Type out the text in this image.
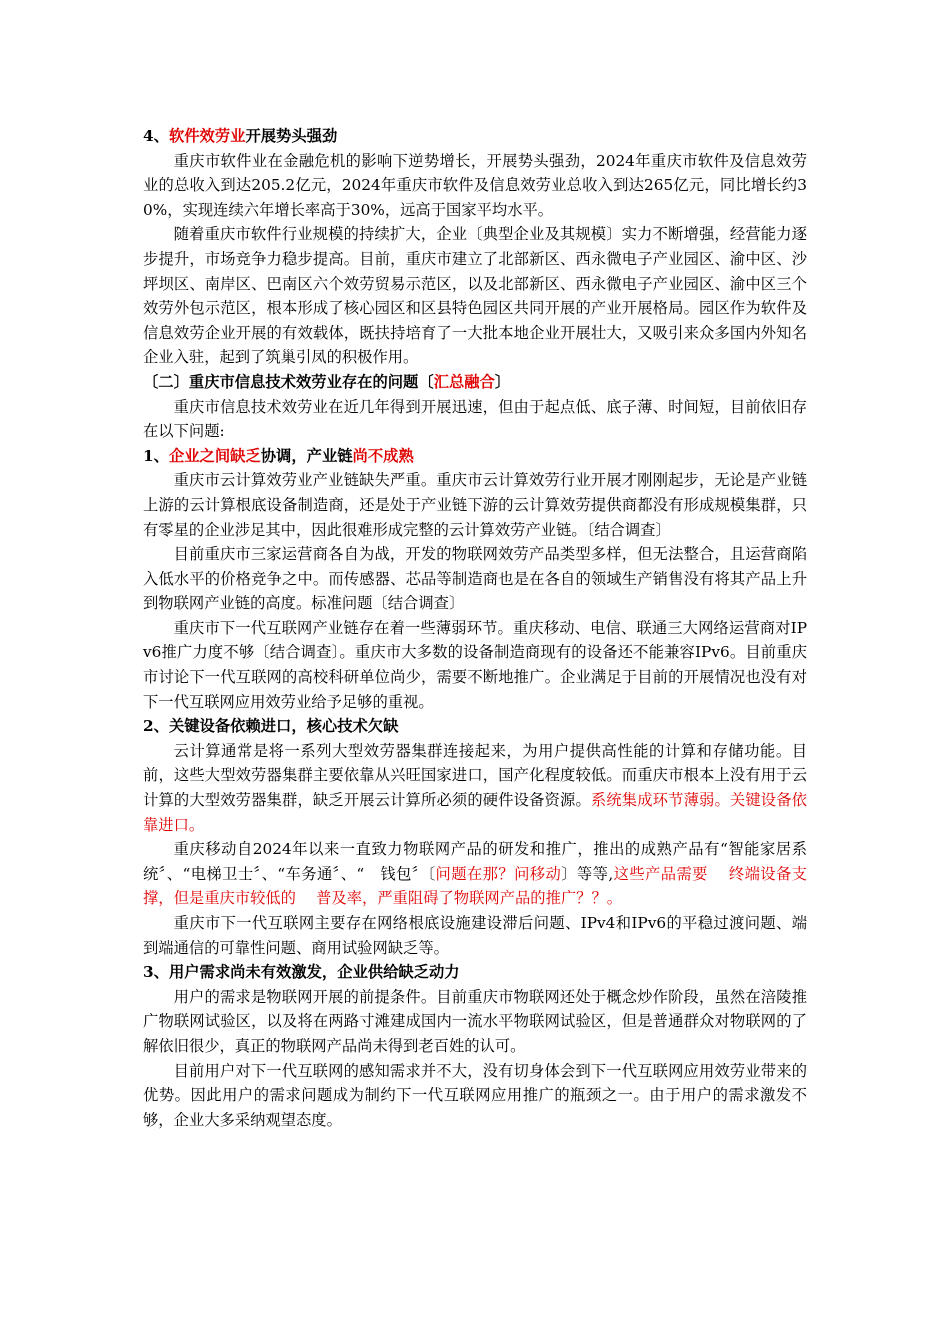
4、软件效劳业开展势头强劲

重庆市软件业在金融危机的影响下逆势增长，开展势头强劲，2024年重庆市软件及信息效劳业的总收入到达205.2亿元，2024年重庆市软件及信息效劳业总收入到达265亿元，同比增长约30%，实现连续六年增长率高于30%，远高于国家平均水平。

随着重庆市软件行业规模的持续扩大，企业〔典型企业及其规模〕实力不断增强，经营能力逐步提升，市场竞争力稳步提高。目前，重庆市建立了北部新区、西永微电子产业园区、渝中区、沙坪坝区、南岸区、巴南区六个效劳贸易示范区，以及北部新区、西永微电子产业园区、渝中区三个效劳外包示范区，根本形成了核心园区和区县特色园区共同开展的产业开展格局。园区作为软件及信息效劳企业开展的有效载体，既扶持培育了一大批本地企业开展壮大，又吸引来众多国内外知名企业入驻，起到了筑巢引凤的积极作用。

〔二〕重庆市信息技术效劳业存在的问题〔汇总融合〕

重庆市信息技术效劳业在近几年得到开展迅速，但由于起点低、底子薄、时间短，目前依旧存在以下问题:

1、企业之间缺乏协调，产业链尚不成熟

重庆市云计算效劳业产业链缺失严重。重庆市云计算效劳行业开展才刚刚起步，无论是产业链上游的云计算根底设备制造商，还是处于产业链下游的云计算效劳提供商都没有形成规模集群，只有零星的企业涉足其中，因此很难形成完整的云计算效劳产业链。〔结合调查〕

目前重庆市三家运营商各自为战，开发的物联网效劳产品类型多样，但无法整合，且运营商陷入低水平的价格竞争之中。而传感器、芯品等制造商也是在各自的领域生产销售没有将其产品上升到物联网产业链的高度。标准问题〔结合调查〕

重庆市下一代互联网产业链存在着一些薄弱环节。重庆移动、电信、联通三大网络运营商对IPv6推广力度不够〔结合调查〕。重庆市大多数的设备制造商现有的设备还不能兼容IPv6。目前重庆市讨论下一代互联网的高校科研单位尚少，需要不断地推广。企业满足于目前的开展情况也没有对下一代互联网应用效劳业给予足够的重视。

2、关键设备依赖进口，核心技术欠缺

云计算通常是将一系列大型效劳器集群连接起来，为用户提供高性能的计算和存储功能。目前，这些大型效劳器集群主要依靠从兴旺国家进口，国产化程度较低。而重庆市根本上没有用于云计算的大型效劳器集群，缺乏开展云计算所必须的硬件设备资源。系统集成环节薄弱。关键设备依靠进口。

重庆移动自2024年以来一直致力物联网产品的研发和推广，推出的成熟产品有“智能家居系统〞、“电梯卫士〞、“车务通〞、“　钱包〞〔问题在那？问移动〕等等,这些产品需要　 终端设备支撑，但是重庆市较低的　 普及率，严重阻碍了物联网产品的推广？？。

重庆市下一代互联网主要存在网络根底设施建设滞后问题、IPv4和IPv6的平稳过渡问题、端到端通信的可靠性问题、商用试验网缺乏等。

3、用户需求尚未有效激发，企业供给缺乏动力

用户的需求是物联网开展的前提条件。目前重庆市物联网还处于概念炒作阶段，虽然在涪陵推广物联网试验区，以及将在两路寸滩建成国内一流水平物联网试验区，但是普通群众对物联网的了解依旧很少，真正的物联网产品尚未得到老百姓的认可。

目前用户对下一代互联网的感知需求并不大，没有切身体会到下一代互联网应用效劳业带来的优势。因此用户的需求问题成为制约下一代互联网应用推广的瓶颈之一。由于用户的需求激发不够，企业大多采纳观望态度。
